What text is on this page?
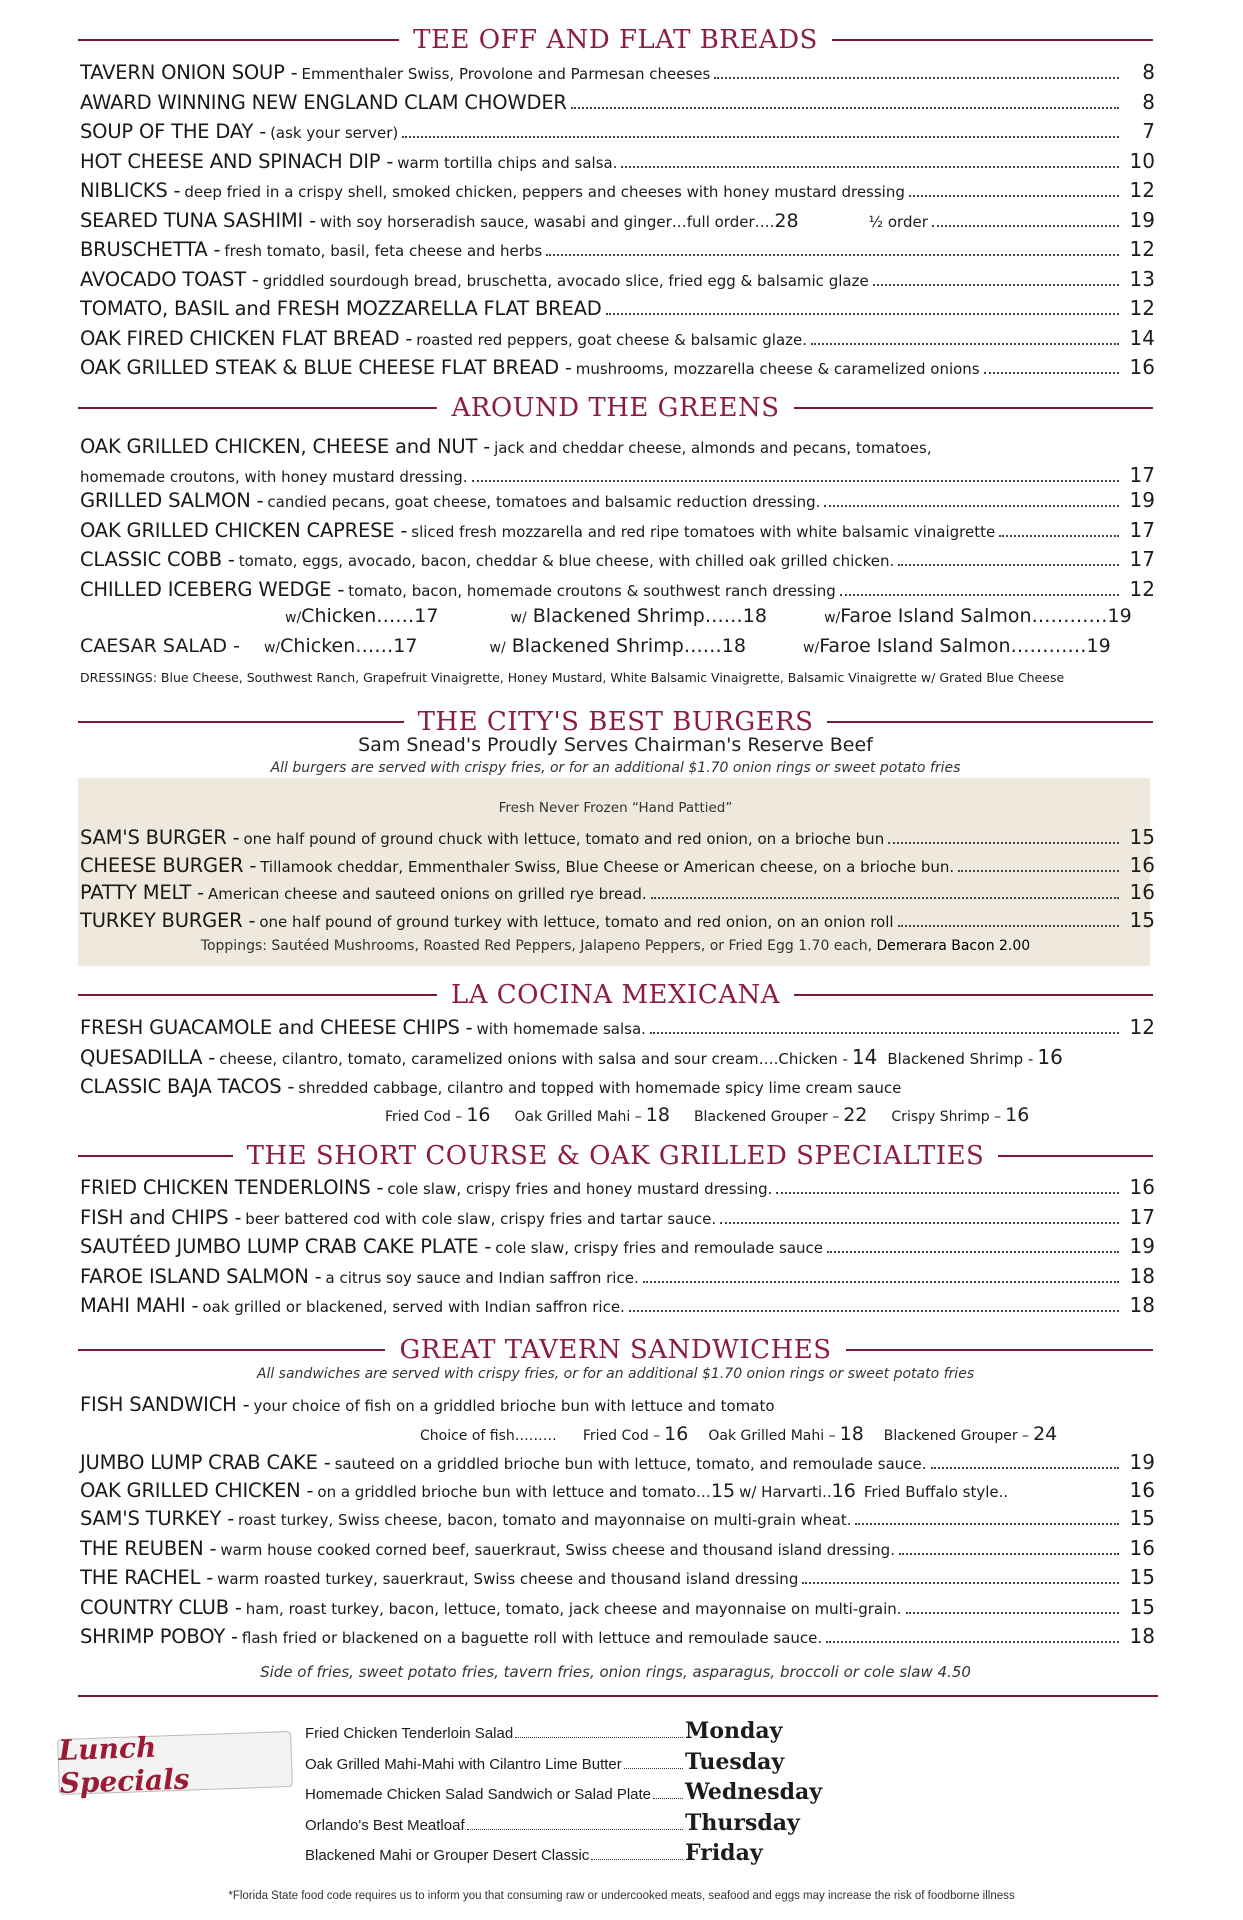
TEE OFF AND FLAT BREADS
AROUND THE GREENS
OAK GRILLED CHICKEN, CHEESE and NUT - jack and cheddar cheese, almonds and pecans, tomatoes,
homemade croutons, with honey mustard dressing.	17
w/Chicken……17	w/ Blackened Shrimp……18	w/Faroe Island Salmon…………19
CAESAR SALAD - w/Chicken……17	w/ Blackened Shrimp……18	w/Faroe Island Salmon…………19
DRESSINGS: Blue Cheese, Southwest Ranch, Grapefruit Vinaigrette, Honey Mustard, White Balsamic Vinaigrette, Balsamic Vinaigrette w/ Grated Blue Cheese
THE CITY'S BEST BURGERS
Sam Snead's Proudly Serves Chairman's Reserve Beef
All burgers are served with crispy fries, or for an additional $1.70 onion rings or sweet potato fries
Fresh Never Frozen “Hand Pattied”
Toppings: Sautéed Mushrooms, Roasted Red Peppers, Jalapeno Peppers, or Fried Egg 1.70 each, Demerara Bacon 2.00
LA COCINA MEXICANA
QUESADILLA - cheese, cilantro, tomato, caramelized onions with salsa and sour cream….Chicken - 14 Blackened Shrimp - 16
CLASSIC BAJA TACOS - shredded cabbage, cilantro and topped with homemade spicy lime cream sauce
Fried Cod – 16 Oak Grilled Mahi – 18 Blackened Grouper – 22 Crispy Shrimp – 16
THE SHORT COURSE & OAK GRILLED SPECIALTIES
GREAT TAVERN SANDWICHES
All sandwiches are served with crispy fries, or for an additional $1.70 onion rings or sweet potato fries
FISH SANDWICH - your choice of fish on a griddled brioche bun with lettuce and tomato
Choice of fish……… Fried Cod – 16 Oak Grilled Mahi – 18 Blackened Grouper – 24
JUMBO LUMP CRAB CAKE - sauteed on a griddled brioche bun with lettuce, tomato, and remoulade sauce.	19
OAK GRILLED CHICKEN - on a griddled brioche bun with lettuce and tomato… 15 w/ Harvarti.. 16 Fried Buffalo style..	16
Side of fries, sweet potato fries, tavern fries, onion rings, asparagus, broccoli or cole slaw 4.50
Lunch Specials
*Florida State food code requires us to inform you that consuming raw or undercooked meats, seafood and eggs may increase the risk of foodborne illness
TAVERN ONION SOUP - Emmenthaler Swiss, Provolone and Parmesan cheeses	8
AWARD WINNING NEW ENGLAND CLAM CHOWDER	8
SOUP OF THE DAY - (ask your server)	7
HOT CHEESE AND SPINACH DIP - warm tortilla chips and salsa.	10
NIBLICKS - deep fried in a crispy shell, smoked chicken, peppers and cheeses with honey mustard dressing	12
SEARED TUNA SASHIMI - with soy horseradish sauce, wasabi and ginger…full order…. 28	½ order	19
BRUSCHETTA - fresh tomato, basil, feta cheese and herbs	12
AVOCADO TOAST - griddled sourdough bread, bruschetta, avocado slice, fried egg & balsamic glaze	13
TOMATO, BASIL and FRESH MOZZARELLA FLAT BREAD	12
OAK FIRED CHICKEN FLAT BREAD - roasted red peppers, goat cheese & balsamic glaze.	14
OAK GRILLED STEAK & BLUE CHEESE FLAT BREAD - mushrooms, mozzarella cheese & caramelized onions	16
GRILLED SALMON - candied pecans, goat cheese, tomatoes and balsamic reduction dressing.	19
OAK GRILLED CHICKEN CAPRESE - sliced fresh mozzarella and red ripe tomatoes with white balsamic vinaigrette	17
CLASSIC COBB - tomato, eggs, avocado, bacon, cheddar & blue cheese, with chilled oak grilled chicken.	17
CHILLED ICEBERG WEDGE - tomato, bacon, homemade croutons & southwest ranch dressing	12
SAM'S BURGER - one half pound of ground chuck with lettuce, tomato and red onion, on a brioche bun	15
CHEESE BURGER - Tillamook cheddar, Emmenthaler Swiss, Blue Cheese or American cheese, on a brioche bun.	16
PATTY MELT - American cheese and sauteed onions on grilled rye bread.	16
TURKEY BURGER - one half pound of ground turkey with lettuce, tomato and red onion, on an onion roll	15
FRESH GUACAMOLE and CHEESE CHIPS - with homemade salsa.	12
FRIED CHICKEN TENDERLOINS - cole slaw, crispy fries and honey mustard dressing.	16
FISH and CHIPS - beer battered cod with cole slaw, crispy fries and tartar sauce.	17
SAUTÉED JUMBO LUMP CRAB CAKE PLATE - cole slaw, crispy fries and remoulade sauce	19
FAROE ISLAND SALMON - a citrus soy sauce and Indian saffron rice.	18
MAHI MAHI - oak grilled or blackened, served with Indian saffron rice.	18
SAM'S TURKEY - roast turkey, Swiss cheese, bacon, tomato and mayonnaise on multi-grain wheat.	15
THE REUBEN - warm house cooked corned beef, sauerkraut, Swiss cheese and thousand island dressing.	16
THE RACHEL - warm roasted turkey, sauerkraut, Swiss cheese and thousand island dressing	15
COUNTRY CLUB - ham, roast turkey, bacon, lettuce, tomato, jack cheese and mayonnaise on multi-grain.	15
SHRIMP POBOY - flash fried or blackened on a baguette roll with lettuce and remoulade sauce.	18
Fried Chicken Tenderloin Salad	Monday
Oak Grilled Mahi-Mahi with Cilantro Lime Butter	Tuesday
Homemade Chicken Salad Sandwich or Salad Plate Wednesday
Orlando's Best Meatloaf	Thursday
Blackened Mahi or Grouper Desert Classic	Friday
